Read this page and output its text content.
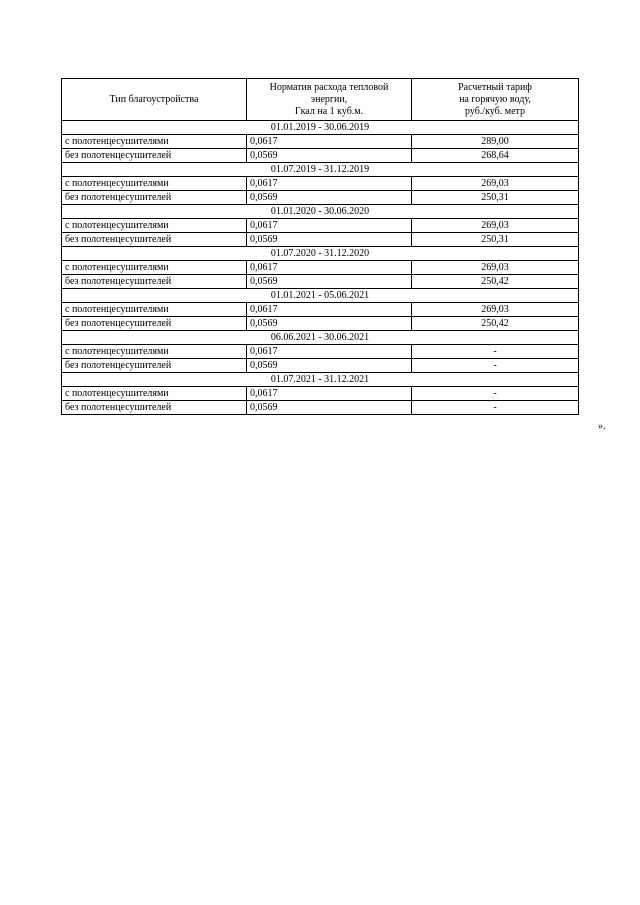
Тип благоустройства	Норматив расхода тепловой
энергии,
Гкал на 1 куб.м.	Расчетный тариф
на горячую воду,
руб./куб. метр

01.01.2019 - 30.06.2019		
с полотенцесушителями	0,0617	289,00
без полотенцесушителей	0,0569	268,64
01.07.2019 - 31.12.2019		
с полотенцесушителями	0,0617	269,03
без полотенцесушителей	0,0569	250,31
01.01.2020 - 30.06.2020		
с полотенцесушителями	0,0617	269,03
без полотенцесушителей	0,0569	250,31
01.07.2020 - 31.12.2020		
с полотенцесушителями	0,0617	269,03
без полотенцесушителей	0,0569	250,42
01.01.2021 - 05.06.2021		
с полотенцесушителями	0,0617	269,03
без полотенцесушителей	0,0569	250,42
06.06.2021 - 30.06.2021		
с полотенцесушителями	0,0617	-
без полотенцесушителей	0,0569	-
01.07.2021 - 31.12.2021		
с полотенцесушителями	0,0617	-
без полотенцесушителей	0,0569	-
».
